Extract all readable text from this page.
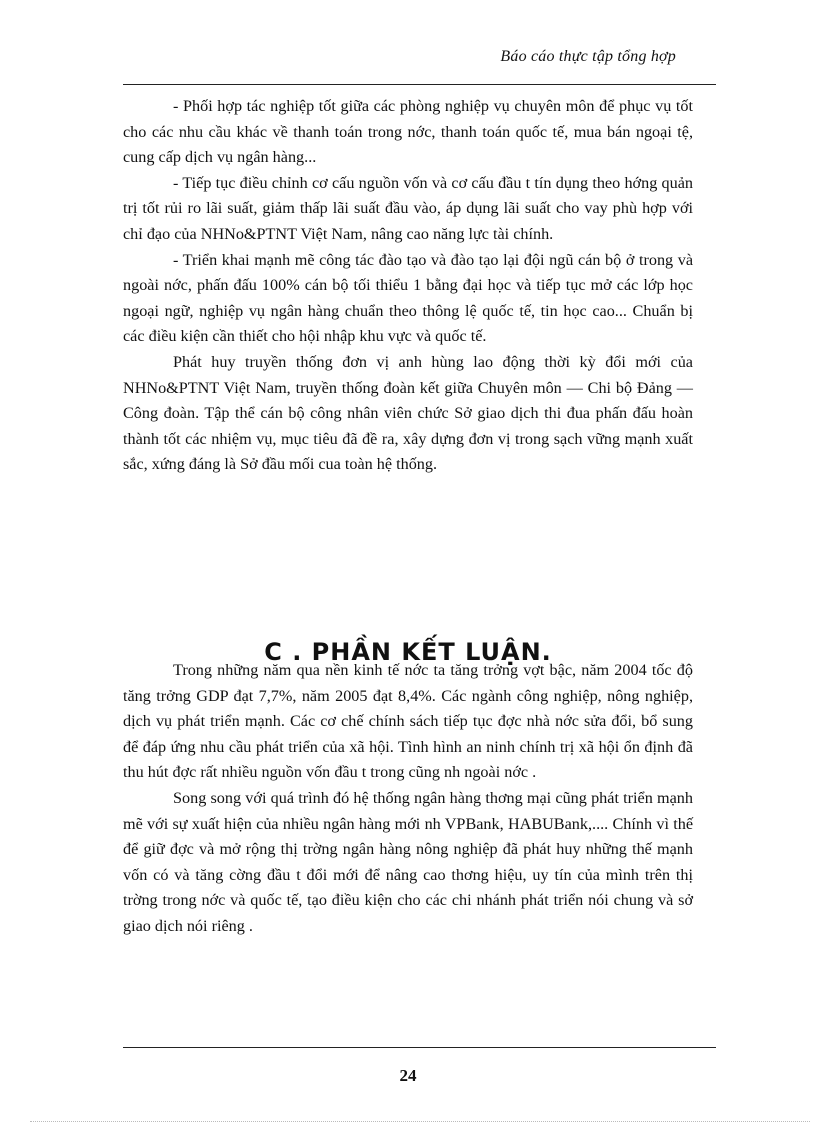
Báo cáo thực tập tổng hợp

- Phối hợp tác nghiệp tốt giữa các phòng nghiệp vụ chuyên môn để phục vụ tốt cho các nhu cầu khác về thanh toán trong nớc, thanh toán quốc tế, mua bán ngoại tệ, cung cấp dịch vụ ngân hàng...

- Tiếp tục điều chỉnh cơ cấu nguồn vốn và cơ cấu đầu t tín dụng theo hớng quản trị tốt rủi ro lãi suất, giảm thấp lãi suất đầu vào, áp dụng lãi suất cho vay phù hợp với chỉ đạo của NHNo&PTNT Việt Nam, nâng cao năng lực tài chính.

- Triển khai mạnh mẽ công tác đào tạo và đào tạo lại đội ngũ cán bộ ở trong và ngoài nớc, phấn đấu 100% cán bộ tối thiểu 1 bằng đại học và tiếp tục mở các lớp học ngoại ngữ, nghiệp vụ ngân hàng chuẩn theo thông lệ quốc tế, tin học cao... Chuẩn bị các điều kiện cần thiết cho hội nhập khu vực và quốc tế.

Phát huy truyền thống đơn vị anh hùng lao động thời kỳ đổi mới của NHNo&PTNT Việt Nam, truyền thống đoàn kết giữa Chuyên môn — Chi bộ Đảng — Công đoàn. Tập thể cán bộ công nhân viên chức Sở giao dịch thi đua phấn đấu hoàn thành tốt các nhiệm vụ, mục tiêu đã đề ra, xây dựng đơn vị trong sạch vững mạnh xuất sắc, xứng đáng là Sở đầu mối cua toàn hệ thống.

C . PHẦN KẾT LUẬN.

Trong những năm qua nền kinh tế nớc ta tăng trởng vợt bậc, năm 2004 tốc độ tăng trởng GDP đạt 7,7%, năm 2005 đạt 8,4%. Các ngành công nghiệp, nông nghiệp, dịch vụ phát triển mạnh. Các cơ chế chính sách tiếp tục đợc nhà nớc sửa đổi, bổ sung để đáp ứng nhu cầu phát triển của xã hội. Tình hình an ninh chính trị xã hội ổn định đã thu hút đợc rất nhiều nguồn vốn đầu t trong cũng nh ngoài nớc .

Song song với quá trình đó hệ thống ngân hàng thơng mại cũng phát triển mạnh mẽ với sự xuất hiện của nhiều ngân hàng mới nh VPBank, HABUBank,.... Chính vì thế để giữ đợc và mở rộng thị trờng ngân hàng nông nghiệp đã phát huy những thế mạnh vốn có và tăng cờng đầu t đổi mới để nâng cao thơng hiệu, uy tín của mình trên thị trờng trong nớc và quốc tế, tạo điều kiện cho các chi nhánh phát triển nói chung và sở giao dịch nói riêng .

24
